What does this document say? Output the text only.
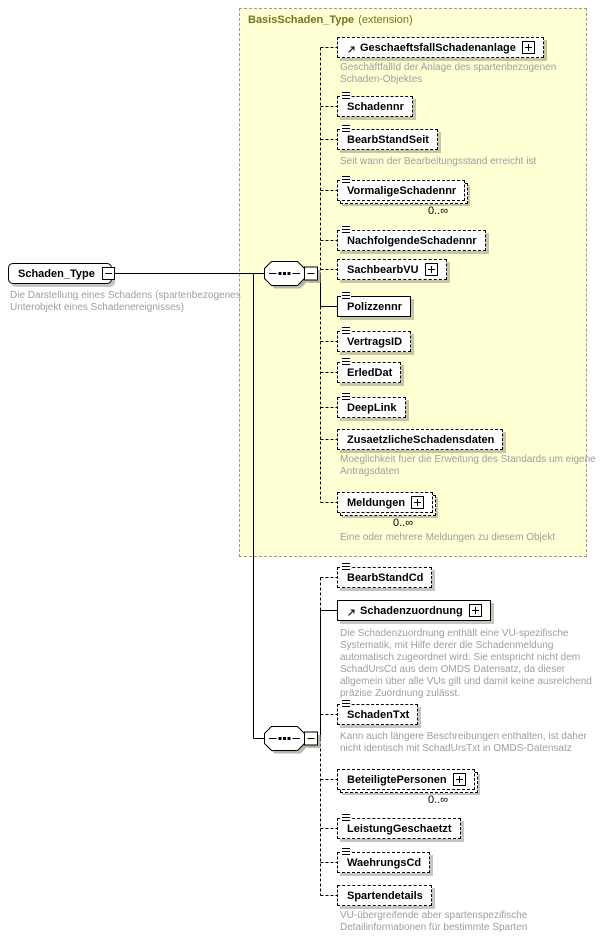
BasisSchaden_Type (extension)
Schaden_Type
Die Darstellung eines Schadens (spartenbezogenes Unterobjekt eines Schadenereignisses)
GeschaeftsfallSchadenanlage
GeschäftfallId der Anlage des spartenbezogenen Schaden-Objektes
Schadennr
BearbStandSeit
Seit wann der Bearbeitungsstand erreicht ist
VormaligeSchadennr
0..∞
NachfolgendeSchadennr
SachbearbVU
Polizzennr
VertragsID
ErledDat
DeepLink
ZusaetzlicheSchadensdaten
Moeglichkeit fuer die Erweitung des Standards um eigene Antragsdaten
Meldungen
0..∞
Eine oder mehrere Meldungen zu diesem Objekt
BearbStandCd
Schadenzuordnung
Die Schadenzuordnung enthält eine VU-spezifische Systematik, mit Hilfe derer die Schadenmeldung automatisch zugeordnet wird. Sie entspricht nicht dem SchadUrsCd aus dem OMDS Datensatz, da dieser allgemein über alle VUs gilt und damit keine ausreichend präzise Zuordnung zulässt.
SchadenTxt
Kann auch längere Beschreibungen enthalten, ist daher nicht identisch mit SchadUrsTxt in OMDS-Datensatz
BeteiligtePersonen
0..∞
LeistungGeschaetzt
WaehrungsCd
Spartendetails
VU-übergreifende aber spartenspezifische Detailinformationen für bestimmte Sparten
